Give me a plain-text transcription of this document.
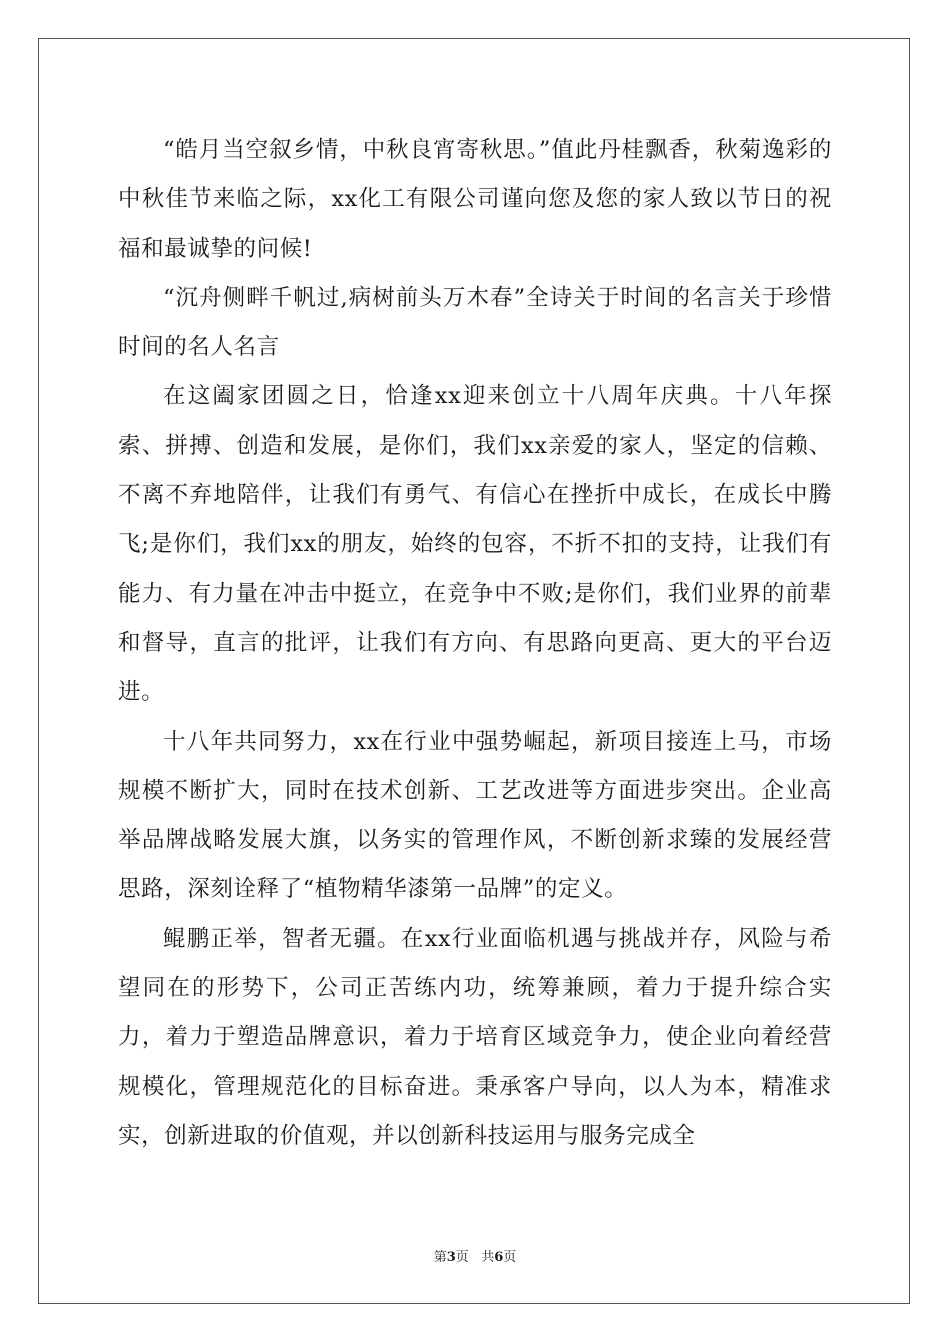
“皓月当空叙乡情，中秋良宵寄秋思。”值此丹桂飘香，秋菊逸彩的中秋佳节来临之际，xx化工有限公司谨向您及您的家人致以节日的祝福和最诚挚的问候!

“沉舟侧畔千帆过,病树前头万木春”全诗关于时间的名言关于珍惜时间的名人名言

在这阖家团圆之日，恰逢xx迎来创立十八周年庆典。十八年探索、拼搏、创造和发展，是你们，我们xx亲爱的家人，坚定的信赖、不离不弃地陪伴，让我们有勇气、有信心在挫折中成长，在成长中腾飞;是你们，我们xx的朋友，始终的包容，不折不扣的支持，让我们有能力、有力量在冲击中挺立，在竞争中不败;是你们，我们业界的前辈和督导，直言的批评，让我们有方向、有思路向更高、更大的平台迈进。

十八年共同努力，xx在行业中强势崛起，新项目接连上马，市场规模不断扩大，同时在技术创新、工艺改进等方面进步突出。企业高举品牌战略发展大旗，以务实的管理作风，不断创新求臻的发展经营思路，深刻诠释了“植物精华漆第一品牌”的定义。

鲲鹏正举，智者无疆。在xx行业面临机遇与挑战并存，风险与希望同在的形势下，公司正苦练内功，统筹兼顾，着力于提升综合实力，着力于塑造品牌意识，着力于培育区域竞争力，使企业向着经营规模化，管理规范化的目标奋进。秉承客户导向，以人为本，精准求实，创新进取的价值观，并以创新科技运用与服务完成全

第3页 共6页
